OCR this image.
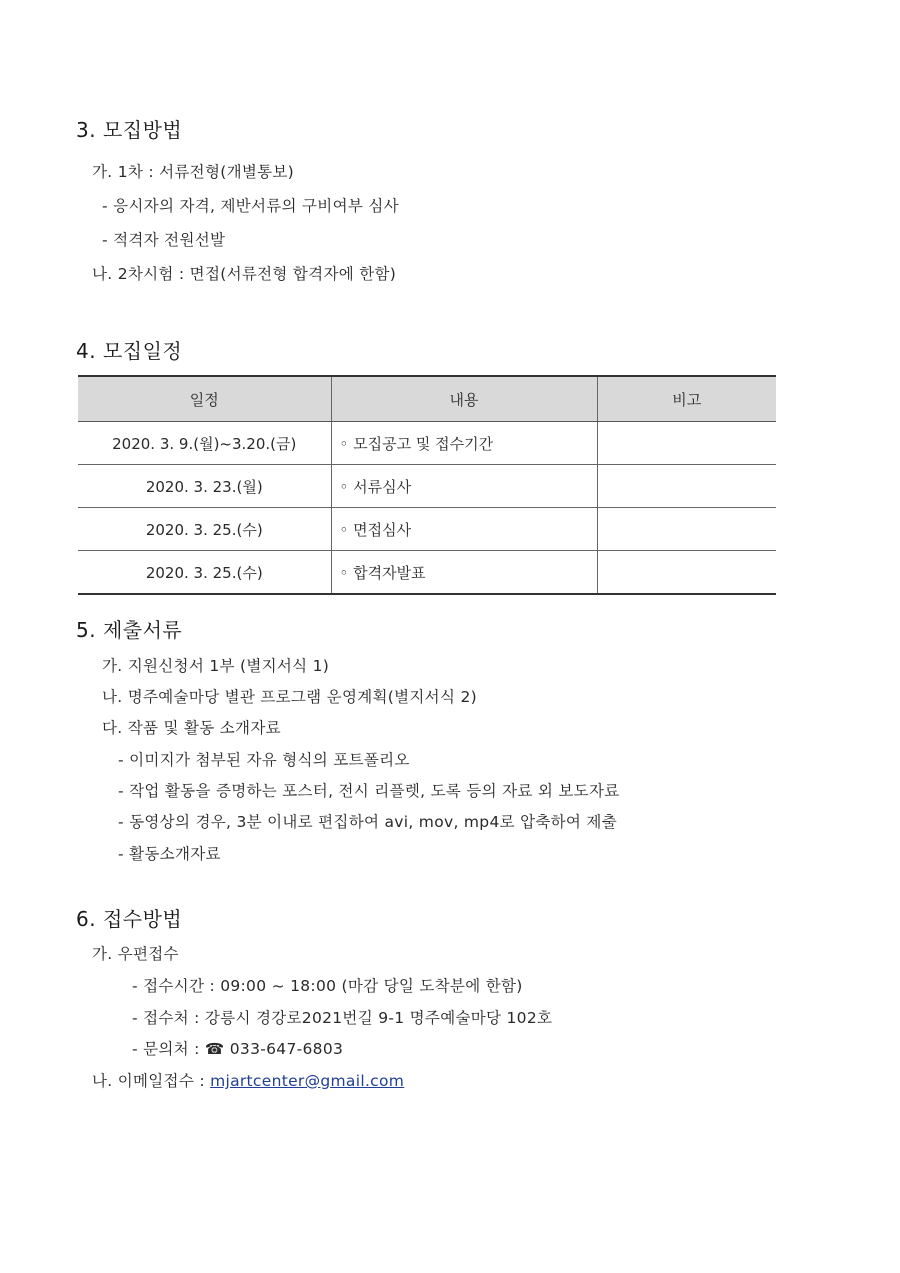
3. 모집방법
가. 1차 : 서류전형(개별통보)
- 응시자의 자격, 제반서류의 구비여부 심사
- 적격자 전원선발
나. 2차시험 : 면접(서류전형 합격자에 한함)
4. 모집일정
일정	내용	비고
2020. 3. 9.(월)~3.20.(금)	◦ 모집공고 및 접수기간	
2020. 3. 23.(월)	◦ 서류심사	
2020. 3. 25.(수)	◦ 면접심사	
2020. 3. 25.(수)	◦ 합격자발표	
5. 제출서류
가. 지원신청서 1부 (별지서식 1)
나. 명주예술마당 별관 프로그램 운영계획(별지서식 2)
다. 작품 및 활동 소개자료
- 이미지가 첨부된 자유 형식의 포트폴리오
- 작업 활동을 증명하는 포스터, 전시 리플렛, 도록 등의 자료 외 보도자료
- 동영상의 경우, 3분 이내로 편집하여 avi, mov, mp4로 압축하여 제출
- 활동소개자료
6. 접수방법
가. 우편접수
- 접수시간 : 09:00 ~ 18:00 (마감 당일 도착분에 한함)
- 접수처 : 강릉시 경강로2021번길 9-1 명주예술마당 102호
- 문의처 : ☎ 033-647-6803
나. 이메일접수 : mjartcenter@gmail.com
